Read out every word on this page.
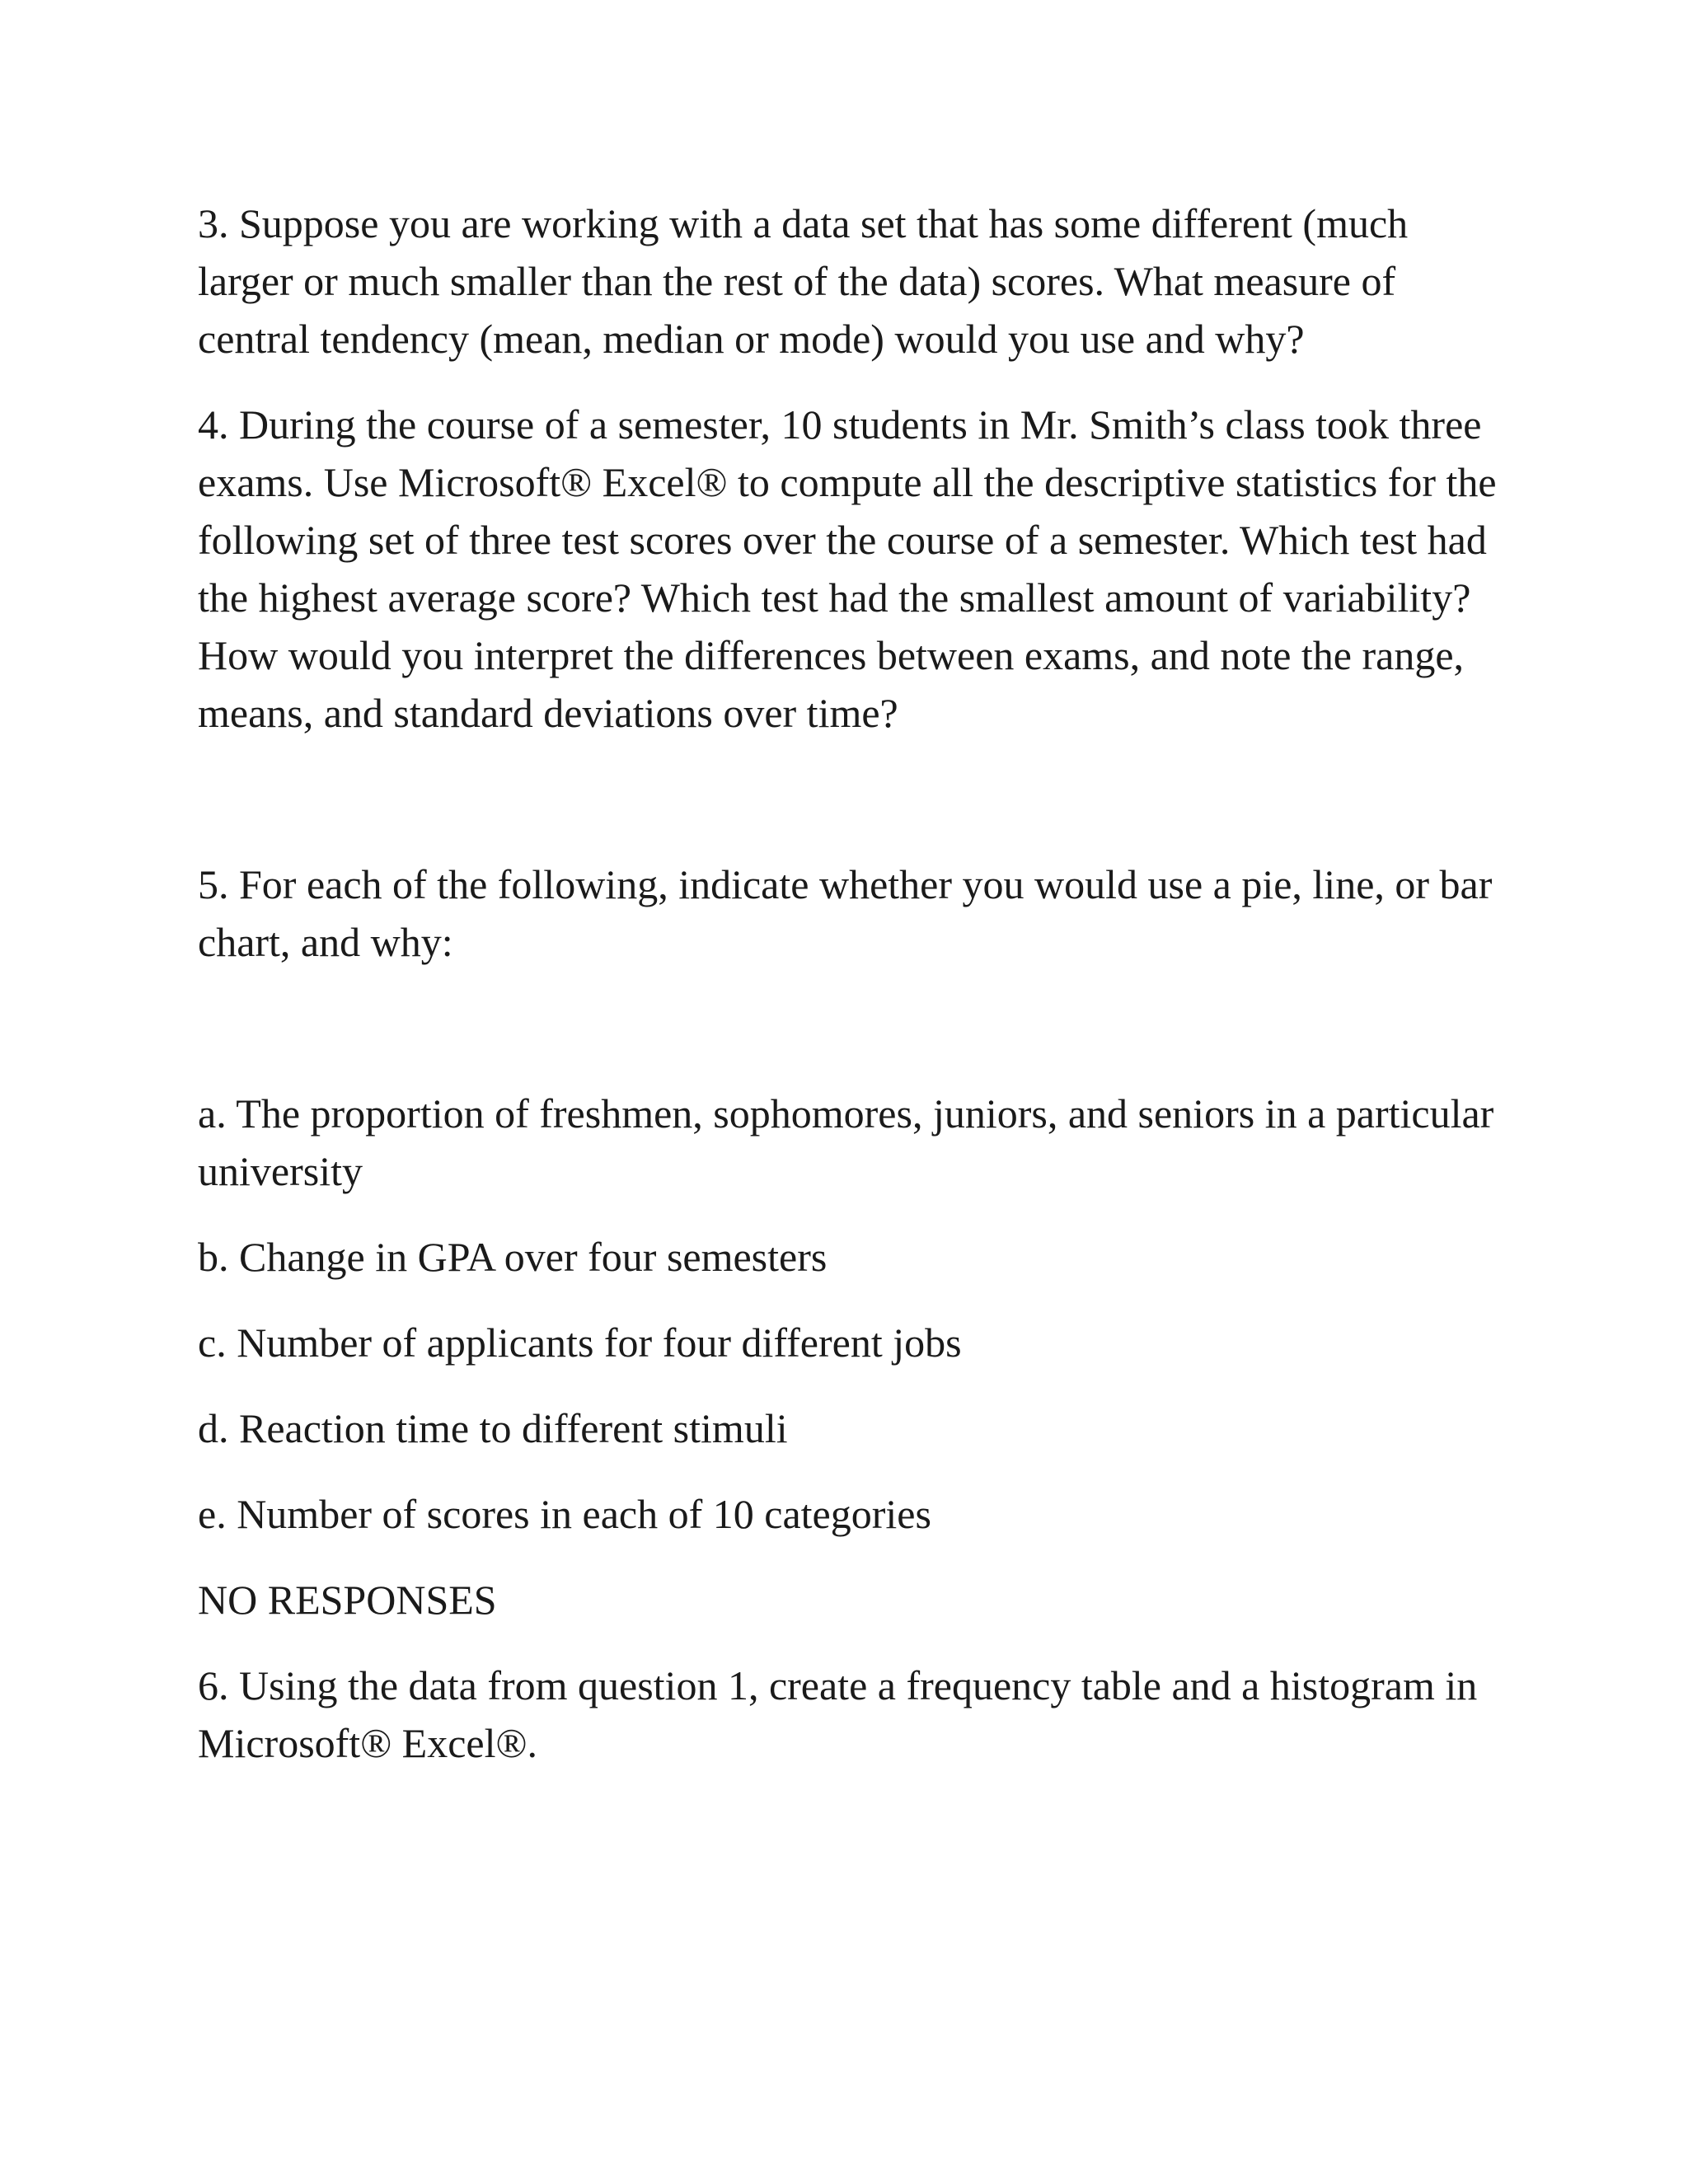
3. Suppose you are working with a data set that has some different (much larger or much smaller than the rest of the data) scores. What measure of central tendency (mean, median or mode) would you use and why?

4. During the course of a semester, 10 students in Mr. Smith’s class took three exams. Use Microsoft® Excel® to compute all the descriptive statistics for the following set of three test scores over the course of a semester. Which test had the highest average score? Which test had the smallest amount of variability? How would you interpret the differences between exams, and note the range, means, and standard deviations over time?

5. For each of the following, indicate whether you would use a pie, line, or bar chart, and why:

a. The proportion of freshmen, sophomores, juniors, and seniors in a particular university

b. Change in GPA over four semesters

c. Number of applicants for four different jobs

d. Reaction time to different stimuli

e. Number of scores in each of 10 categories

NO RESPONSES

6. Using the data from question 1, create a frequency table and a histogram in Microsoft® Excel®.
